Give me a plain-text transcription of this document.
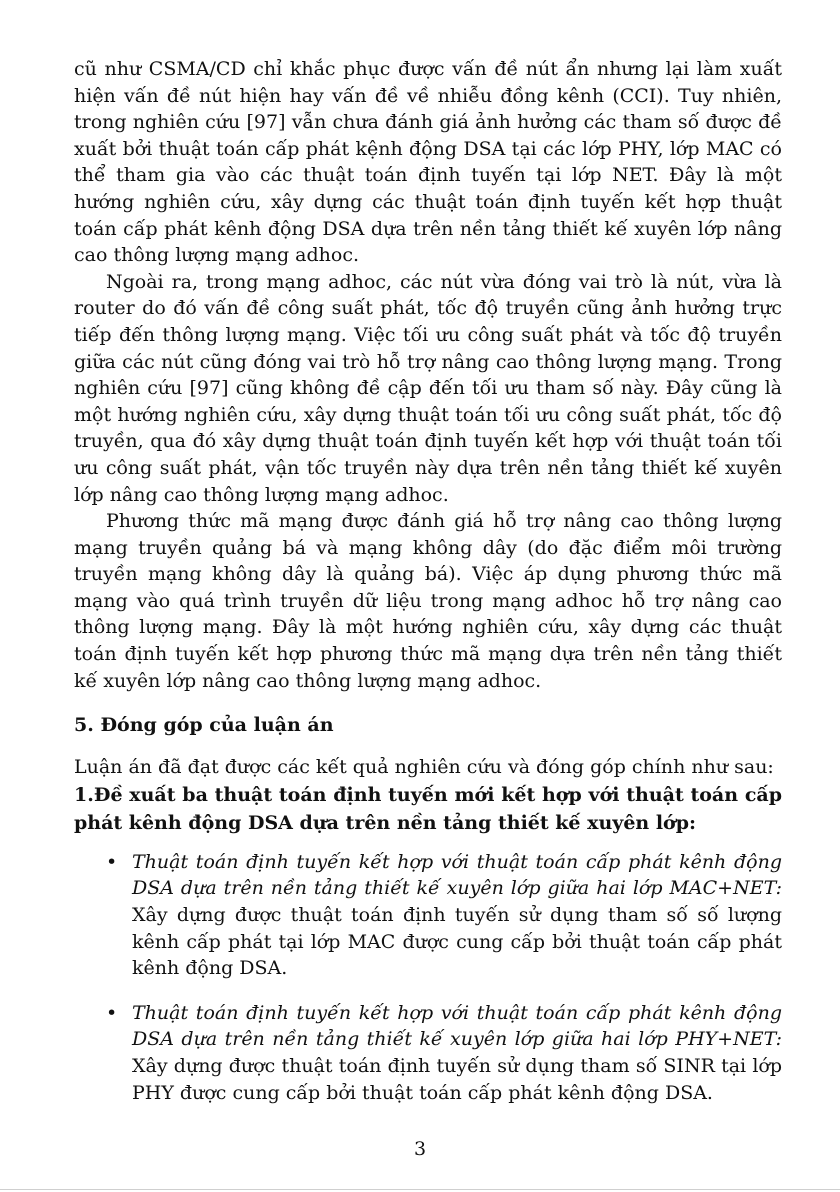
cũ như CSMA/CD chỉ khắc phục được vấn đề nút ẩn nhưng lại làm xuất hiện vấn đề nút hiện hay vấn đề về nhiễu đồng kênh (CCI). Tuy nhiên, trong nghiên cứu [97] vẫn chưa đánh giá ảnh hưởng các tham số được đề xuất bởi thuật toán cấp phát kệnh động DSA tại các lớp PHY, lớp MAC có thể tham gia vào các thuật toán định tuyến tại lớp NET. Đây là một hướng nghiên cứu, xây dựng các thuật toán định tuyến kết hợp thuật toán cấp phát kênh động DSA dựa trên nền tảng thiết kế xuyên lớp nâng cao thông lượng mạng adhoc.

Ngoài ra, trong mạng adhoc, các nút vừa đóng vai trò là nút, vừa là router do đó vấn đề công suất phát, tốc độ truyền cũng ảnh hưởng trực tiếp đến thông lượng mạng. Việc tối ưu công suất phát và tốc độ truyền giữa các nút cũng đóng vai trò hỗ trợ nâng cao thông lượng mạng. Trong nghiên cứu [97] cũng không đề cập đến tối ưu tham số này. Đây cũng là một hướng nghiên cứu, xây dựng thuật toán tối ưu công suất phát, tốc độ truyền, qua đó xây dựng thuật toán định tuyến kết hợp với thuật toán tối ưu công suất phát, vận tốc truyền này dựa trên nền tảng thiết kế xuyên lớp nâng cao thông lượng mạng adhoc.

Phương thức mã mạng được đánh giá hỗ trợ nâng cao thông lượng mạng truyền quảng bá và mạng không dây (do đặc điểm môi trường truyền mạng không dây là quảng bá). Việc áp dụng phương thức mã mạng vào quá trình truyền dữ liệu trong mạng adhoc hỗ trợ nâng cao thông lượng mạng. Đây là một hướng nghiên cứu, xây dựng các thuật toán định tuyến kết hợp phương thức mã mạng dựa trên nền tảng thiết kế xuyên lớp nâng cao thông lượng mạng adhoc.

5. Đóng góp của luận án

Luận án đã đạt được các kết quả nghiên cứu và đóng góp chính như sau:

1.Đề xuất ba thuật toán định tuyến mới kết hợp với thuật toán cấp phát kênh động DSA dựa trên nền tảng thiết kế xuyên lớp:

• Thuật toán định tuyến kết hợp với thuật toán cấp phát kênh động DSA dựa trên nền tảng thiết kế xuyên lớp giữa hai lớp MAC+NET: Xây dựng được thuật toán định tuyến sử dụng tham số số lượng kênh cấp phát tại lớp MAC được cung cấp bởi thuật toán cấp phát kênh động DSA.
• Thuật toán định tuyến kết hợp với thuật toán cấp phát kênh động DSA dựa trên nền tảng thiết kế xuyên lớp giữa hai lớp PHY+NET: Xây dựng được thuật toán định tuyến sử dụng tham số SINR tại lớp PHY được cung cấp bởi thuật toán cấp phát kênh động DSA.
3
